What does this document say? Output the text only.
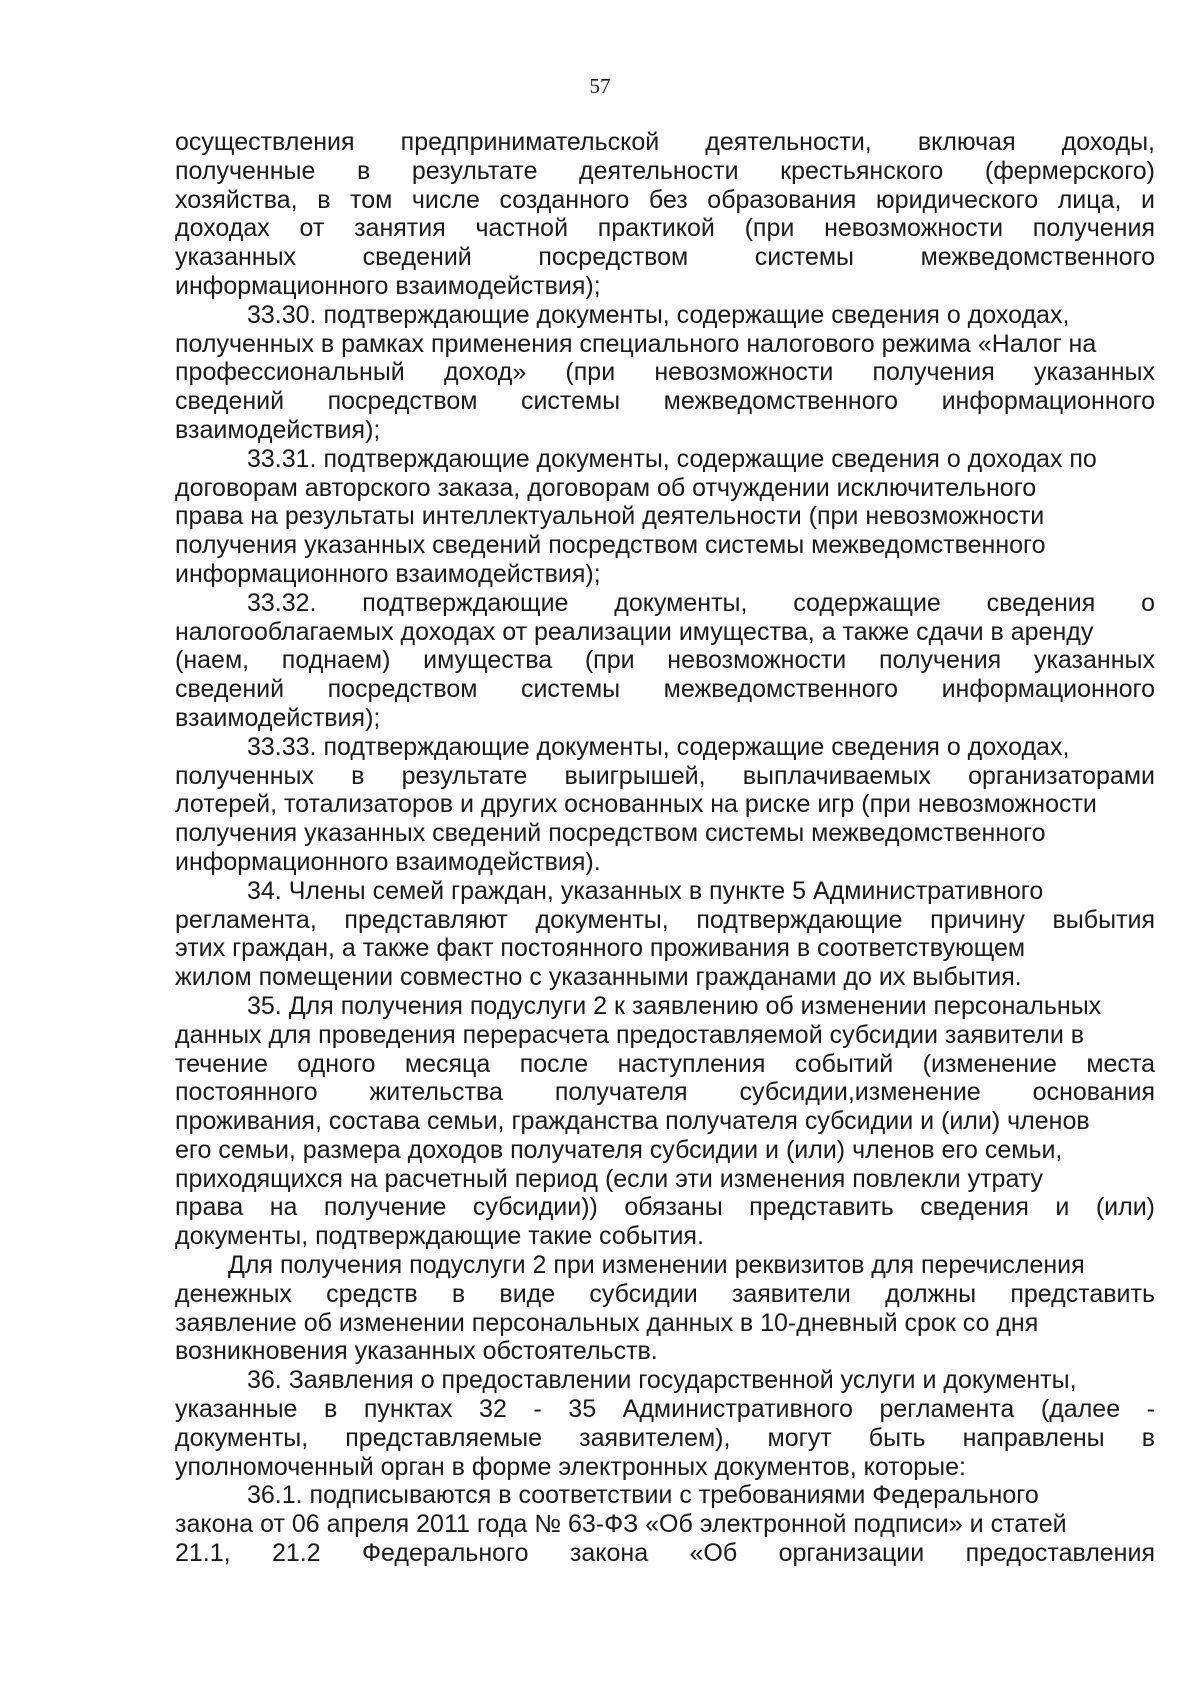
57
осуществления предпринимательской деятельности, включая доходы,
полученные в результате деятельности крестьянского (фермерского)
хозяйства, в том числе созданного без образования юридического лица, и
доходах от занятия частной практикой (при невозможности получения
указанных сведений посредством системы межведомственного
информационного взаимодействия);
33.30. подтверждающие документы, содержащие сведения о доходах,
полученных в рамках применения специального налогового режима «Налог на
профессиональный доход» (при невозможности получения указанных
сведений посредством системы межведомственного информационного
взаимодействия);
33.31. подтверждающие документы, содержащие сведения о доходах по
договорам авторского заказа, договорам об отчуждении исключительного
права на результаты интеллектуальной деятельности (при невозможности
получения указанных сведений посредством системы межведомственного
информационного взаимодействия);
33.32. подтверждающие документы, содержащие сведения о
налогооблагаемых доходах от реализации имущества, а также сдачи в аренду
(наем, поднаем) имущества (при невозможности получения указанных
сведений посредством системы межведомственного информационного
взаимодействия);
33.33. подтверждающие документы, содержащие сведения о доходах,
полученных в результате выигрышей, выплачиваемых организаторами
лотерей, тотализаторов и других основанных на риске игр (при невозможности
получения указанных сведений посредством системы межведомственного
информационного взаимодействия).
34. Члены семей граждан, указанных в пункте 5 Административного
регламента, представляют документы, подтверждающие причину выбытия
этих граждан, а также факт постоянного проживания в соответствующем
жилом помещении совместно с указанными гражданами до их выбытия.
35. Для получения подуслуги 2 к заявлению об изменении персональных
данных для проведения перерасчета предоставляемой субсидии заявители в
течение одного месяца после наступления событий (изменение места
постоянного жительства получателя субсидии,изменение основания
проживания, состава семьи, гражданства получателя субсидии и (или) членов
его семьи, размера доходов получателя субсидии и (или) членов его семьи,
приходящихся на расчетный период (если эти изменения повлекли утрату
права на получение субсидии)) обязаны представить сведения и (или)
документы, подтверждающие такие события.
Для получения подуслуги 2 при изменении реквизитов для перечисления
денежных средств в виде субсидии заявители должны представить
заявление об изменении персональных данных в 10-дневный срок со дня
возникновения указанных обстоятельств.
36. Заявления о предоставлении государственной услуги и документы,
указанные в пунктах 32 - 35 Административного регламента (далее -
документы, представляемые заявителем), могут быть направлены в
уполномоченный орган в форме электронных документов, которые:
36.1. подписываются в соответствии с требованиями Федерального
закона от 06 апреля 2011 года № 63-ФЗ «Об электронной подписи» и статей
21.1, 21.2 Федерального закона «Об организации предоставления
